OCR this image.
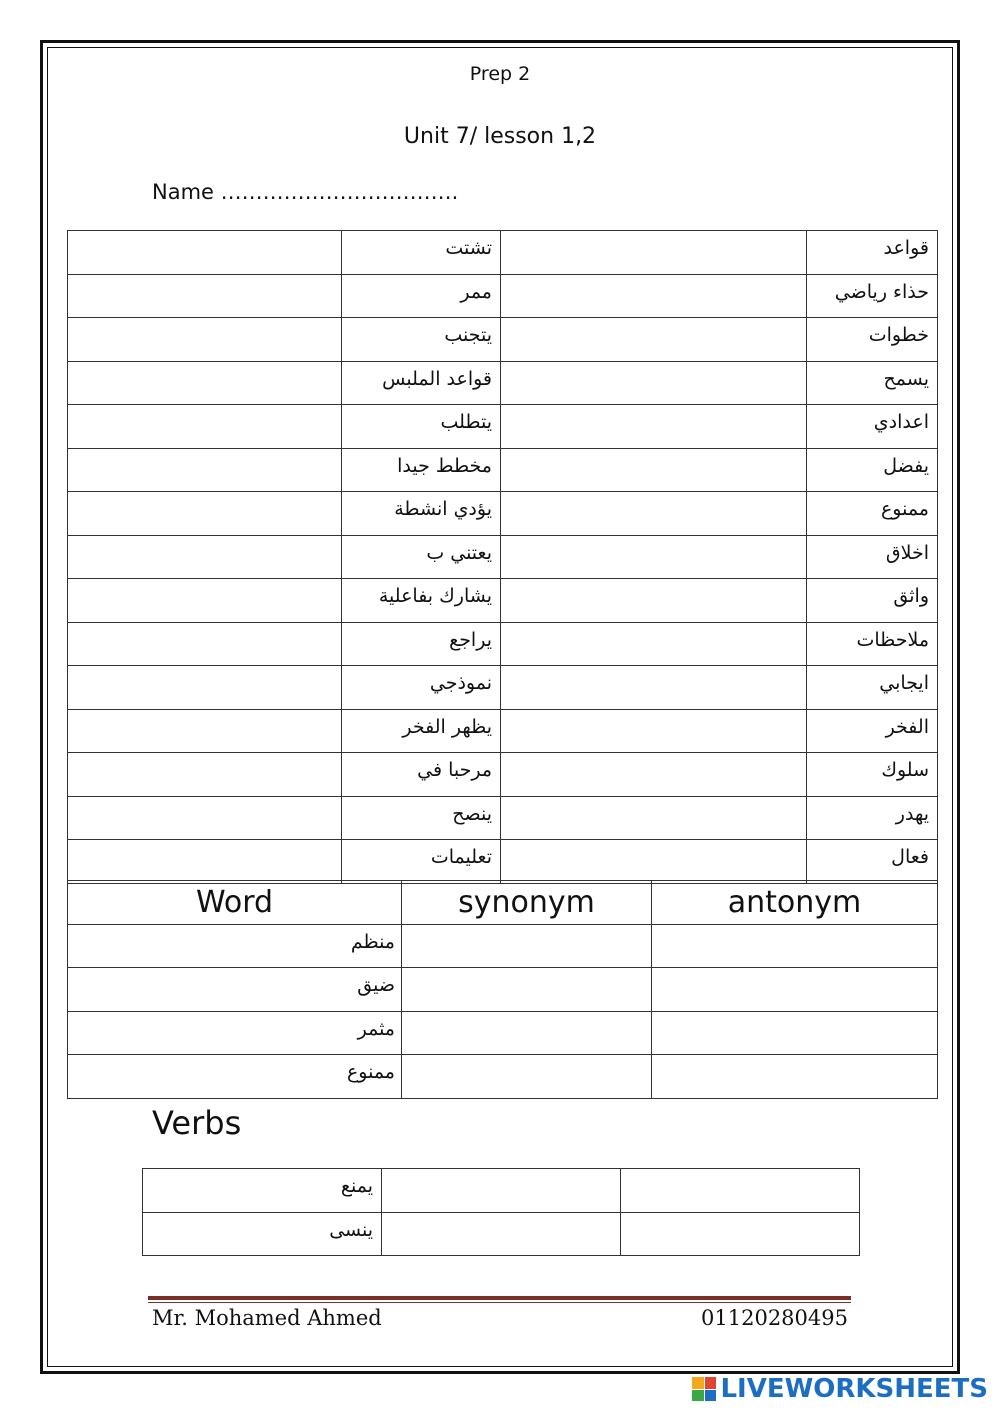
Prep 2
Unit 7/ lesson 1,2
Name …………………………….
	تشتت		قواعد
	ممر		حذاء رياضي
	يتجنب		خطوات
	قواعد الملبس		يسمح
	يتطلب		اعدادي
	مخطط جيدا		يفضل
	يؤدي انشطة		ممنوع
	يعتني ب		اخلاق
	يشارك بفاعلية		واثق
	يراجع		ملاحظات
	نموذجي		ايجابي
	يظهر الفخر		الفخر
	مرحبا في		سلوك
	ينصح		يهدر
	تعليمات		فعال
Word	synonym	antonym
منظم		
ضيق		
مثمر		
ممنوع		
Verbs
يمنع		
ينسى		
Mr. Mohamed Ahmed	01120280495
LIVEWORKSHEETS
